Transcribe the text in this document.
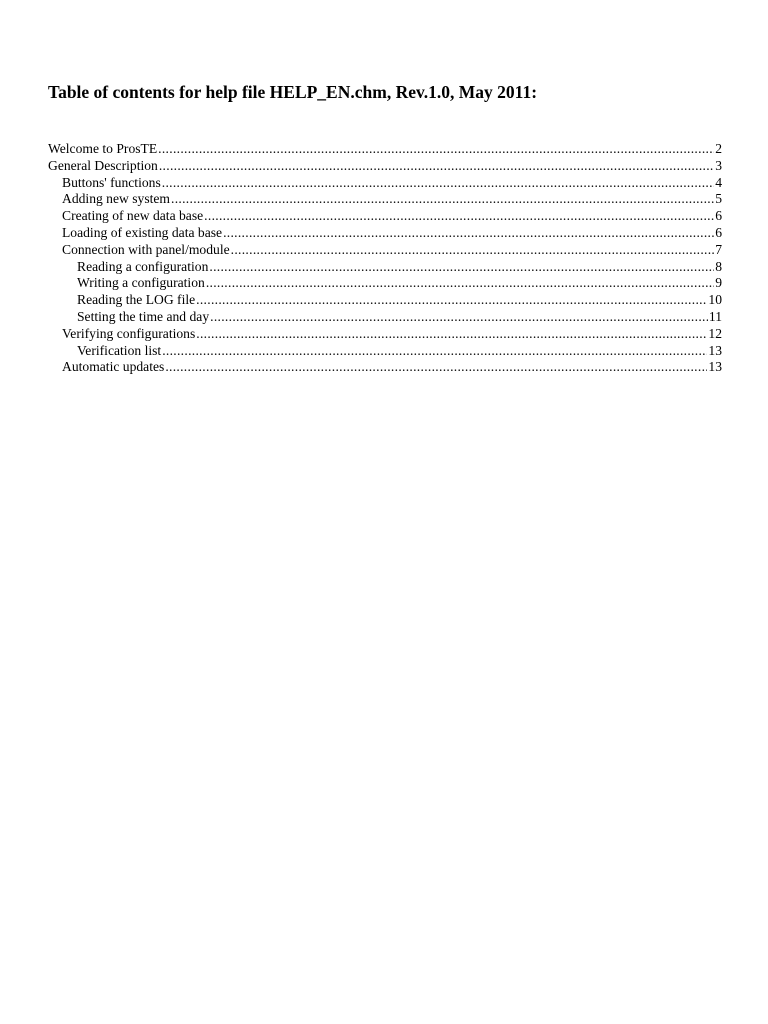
Table of contents for help file HELP_EN.chm, Rev.1.0, May 2011:
Welcome to ProsTE .....	2
General Description .....	3
Buttons' functions .....	4
Adding new system .....	5
Creating of new data base .....	6
Loading of existing data base .....	6
Connection with panel/module .....	7
Reading a configuration .....	8
Writing a configuration .....	9
Reading the LOG file .....	10
Setting the time and day .....	11
Verifying configurations .....	12
Verification list .....	13
Automatic updates .....	13
